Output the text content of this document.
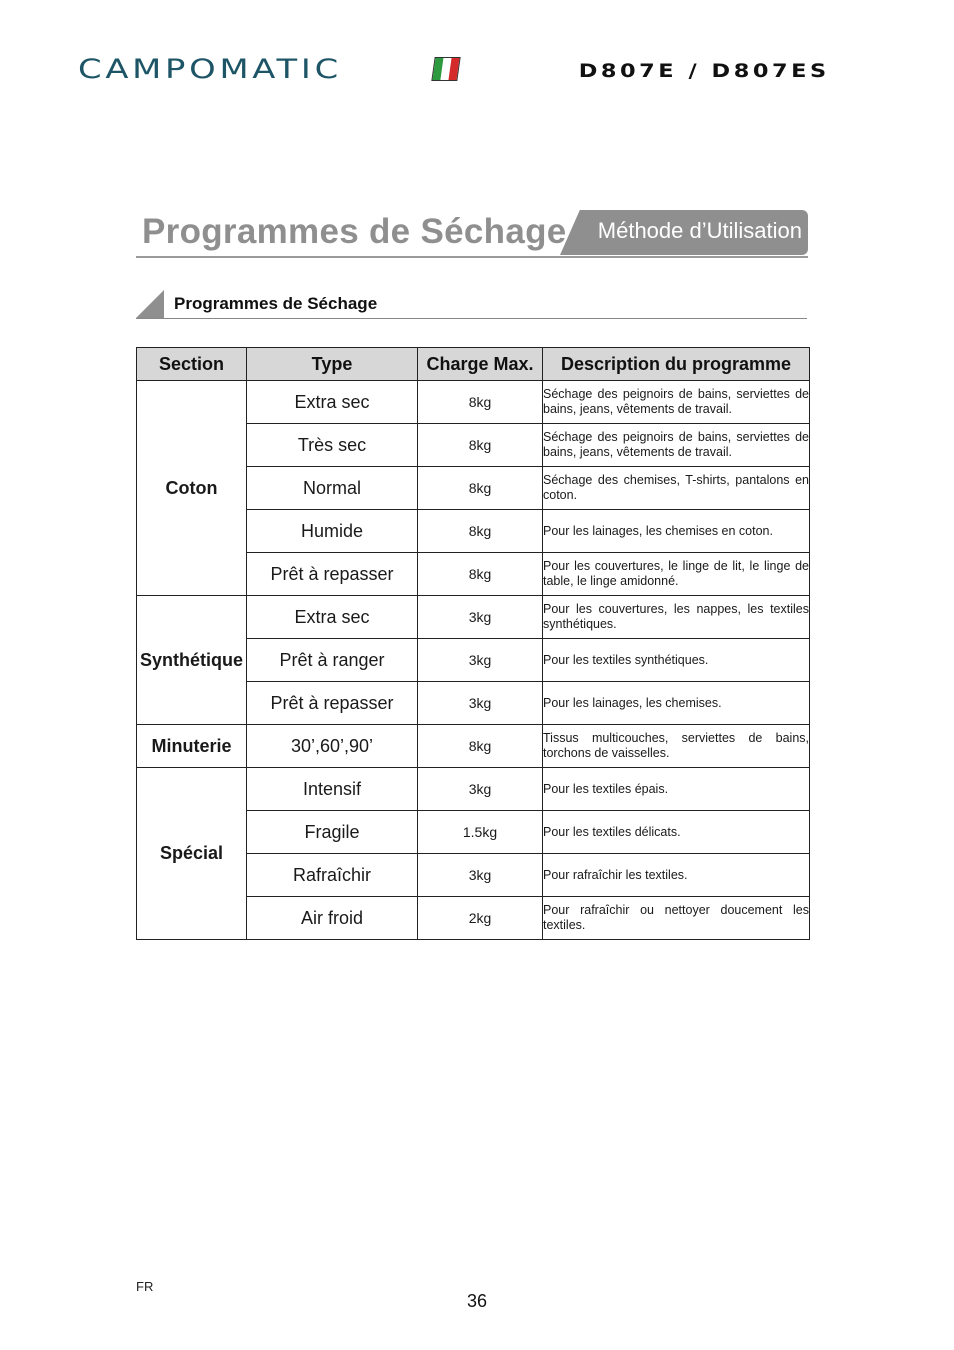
CAMPOMATIC	D807E / D807ES
Programmes de Séchage Méthode d’Utilisation
Programmes de Séchage
Section	Type	Charge Max.	Description du programme
Coton	Extra sec	8kg	Séchage des peignoirs de bains, serviettes de bains, jeans, vêtements de travail.
	Très sec	8kg	Séchage des peignoirs de bains, serviettes de bains, jeans, vêtements de travail.
	Normal	8kg	Séchage des chemises, T-shirts, pantalons en coton.
	Humide	8kg	Pour les lainages, les chemises en coton.
	Prêt à repasser	8kg	Pour les couvertures, le linge de lit, le linge de table, le linge amidonné.
Synthétique	Extra sec	3kg	Pour les couvertures, les nappes, les textiles synthétiques.
	Prêt à ranger	3kg	Pour les textiles synthétiques.
	Prêt à repasser	3kg	Pour les lainages, les chemises.
Minuterie	30’,60’,90’	8kg	Tissus multicouches, serviettes de bains, torchons de vaisselles.
Spécial	Intensif	3kg	Pour les textiles épais.
	Fragile	1.5kg	Pour les textiles délicats.
	Rafraîchir	3kg	Pour rafraîchir les textiles.
	Air froid	2kg	Pour rafraîchir ou nettoyer doucement les textiles.
FR
36
